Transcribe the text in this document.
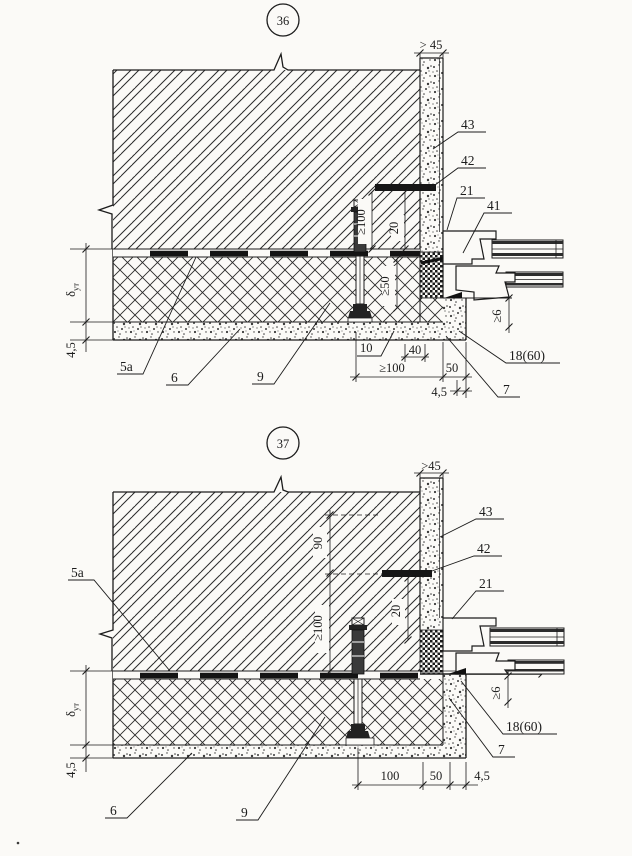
36
> 45
≥100 20
≥50
≥6
$\delta_{ут}$
4,5
≥100	50
40
4,5
10
43
42
21
41
18(60)
7
5a
6	9
37
>45
90
≥100
20
≥6
$\delta_{ут}$
4,5	100 50	4,5
43
42
21
5a
6	9
18(60)
7
